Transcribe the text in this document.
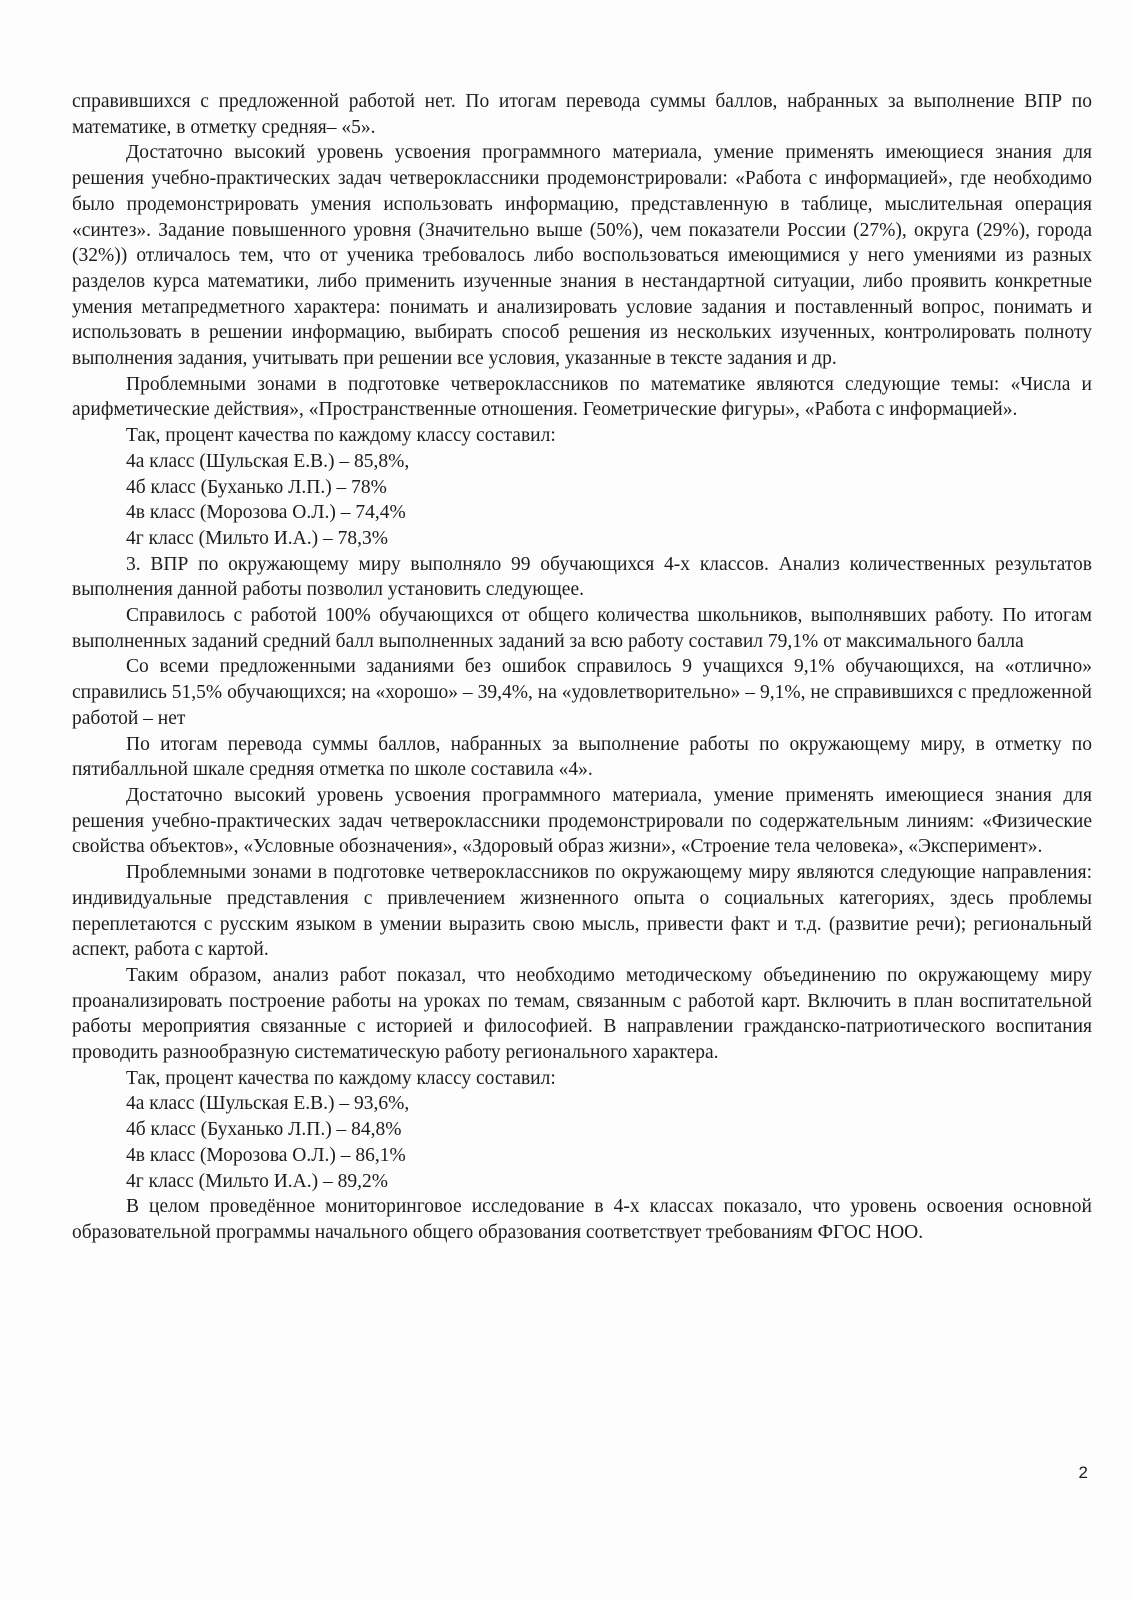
справившихся с предложенной работой нет. По итогам перевода суммы баллов, набранных за выполнение ВПР по математике, в отметку средняя– «5».

Достаточно высокий уровень усвоения программного материала, умение применять имеющиеся знания для решения учебно-практических задач четвероклассники продемонстрировали: «Работа с информацией», где необходимо было продемонстрировать умения использовать информацию, представленную в таблице, мыслительная операция «синтез». Задание повышенного уровня (Значительно выше (50%), чем показатели России (27%), округа (29%), города (32%)) отличалось тем, что от ученика требовалось либо воспользоваться имеющимися у него умениями из разных разделов курса математики, либо применить изученные знания в нестандартной ситуации, либо проявить конкретные умения метапредметного характера: понимать и анализировать условие задания и поставленный вопрос, понимать и использовать в решении информацию, выбирать способ решения из нескольких изученных, контролировать полноту выполнения задания, учитывать при решении все условия, указанные в тексте задания и др.

Проблемными зонами в подготовке четвероклассников по математике являются следующие темы: «Числа и арифметические действия», «Пространственные отношения. Геометрические фигуры», «Работа с информацией».

Так, процент качества по каждому классу составил:

4а класс (Шульская Е.В.) – 85,8%,

4б класс (Буханько Л.П.) – 78%

4в класс (Морозова О.Л.) – 74,4%

4г класс (Мильто И.А.) – 78,3%

3. ВПР по окружающему миру выполняло 99 обучающихся 4-х классов. Анализ количественных результатов выполнения данной работы позволил установить следующее.

Справилось с работой 100% обучающихся от общего количества школьников, выполнявших работу. По итогам выполненных заданий средний балл выполненных заданий за всю работу составил 79,1% от максимального балла

Со всеми предложенными заданиями без ошибок справилось 9 учащихся 9,1% обучающихся, на «отлично» справились 51,5% обучающихся; на «хорошо» – 39,4%, на «удовлетворительно» – 9,1%, не справившихся с предложенной работой – нет

По итогам перевода суммы баллов, набранных за выполнение работы по окружающему миру, в отметку по пятибалльной шкале средняя отметка по школе составила «4».

Достаточно высокий уровень усвоения программного материала, умение применять имеющиеся знания для решения учебно-практических задач четвероклассники продемонстрировали по содержательным линиям: «Физические свойства объектов», «Условные обозначения», «Здоровый образ жизни», «Строение тела человека», «Эксперимент».

Проблемными зонами в подготовке четвероклассников по окружающему миру являются следующие направления: индивидуальные представления с привлечением жизненного опыта о социальных категориях, здесь проблемы переплетаются с русским языком в умении выразить свою мысль, привести факт и т.д. (развитие речи); региональный аспект, работа с картой.

Таким образом, анализ работ показал, что необходимо методическому объединению по окружающему миру проанализировать построение работы на уроках по темам, связанным с работой карт. Включить в план воспитательной работы мероприятия связанные с историей и философией. В направлении гражданско-патриотического воспитания проводить разнообразную систематическую работу регионального характера.

Так, процент качества по каждому классу составил:

4а класс (Шульская Е.В.) – 93,6%,

4б класс (Буханько Л.П.) – 84,8%

4в класс (Морозова О.Л.) – 86,1%

4г класс (Мильто И.А.) – 89,2%

В целом проведённое мониторинговое исследование в 4-х классах показало, что уровень освоения основной образовательной программы начального общего образования соответствует требованиям ФГОС НОО.

2
